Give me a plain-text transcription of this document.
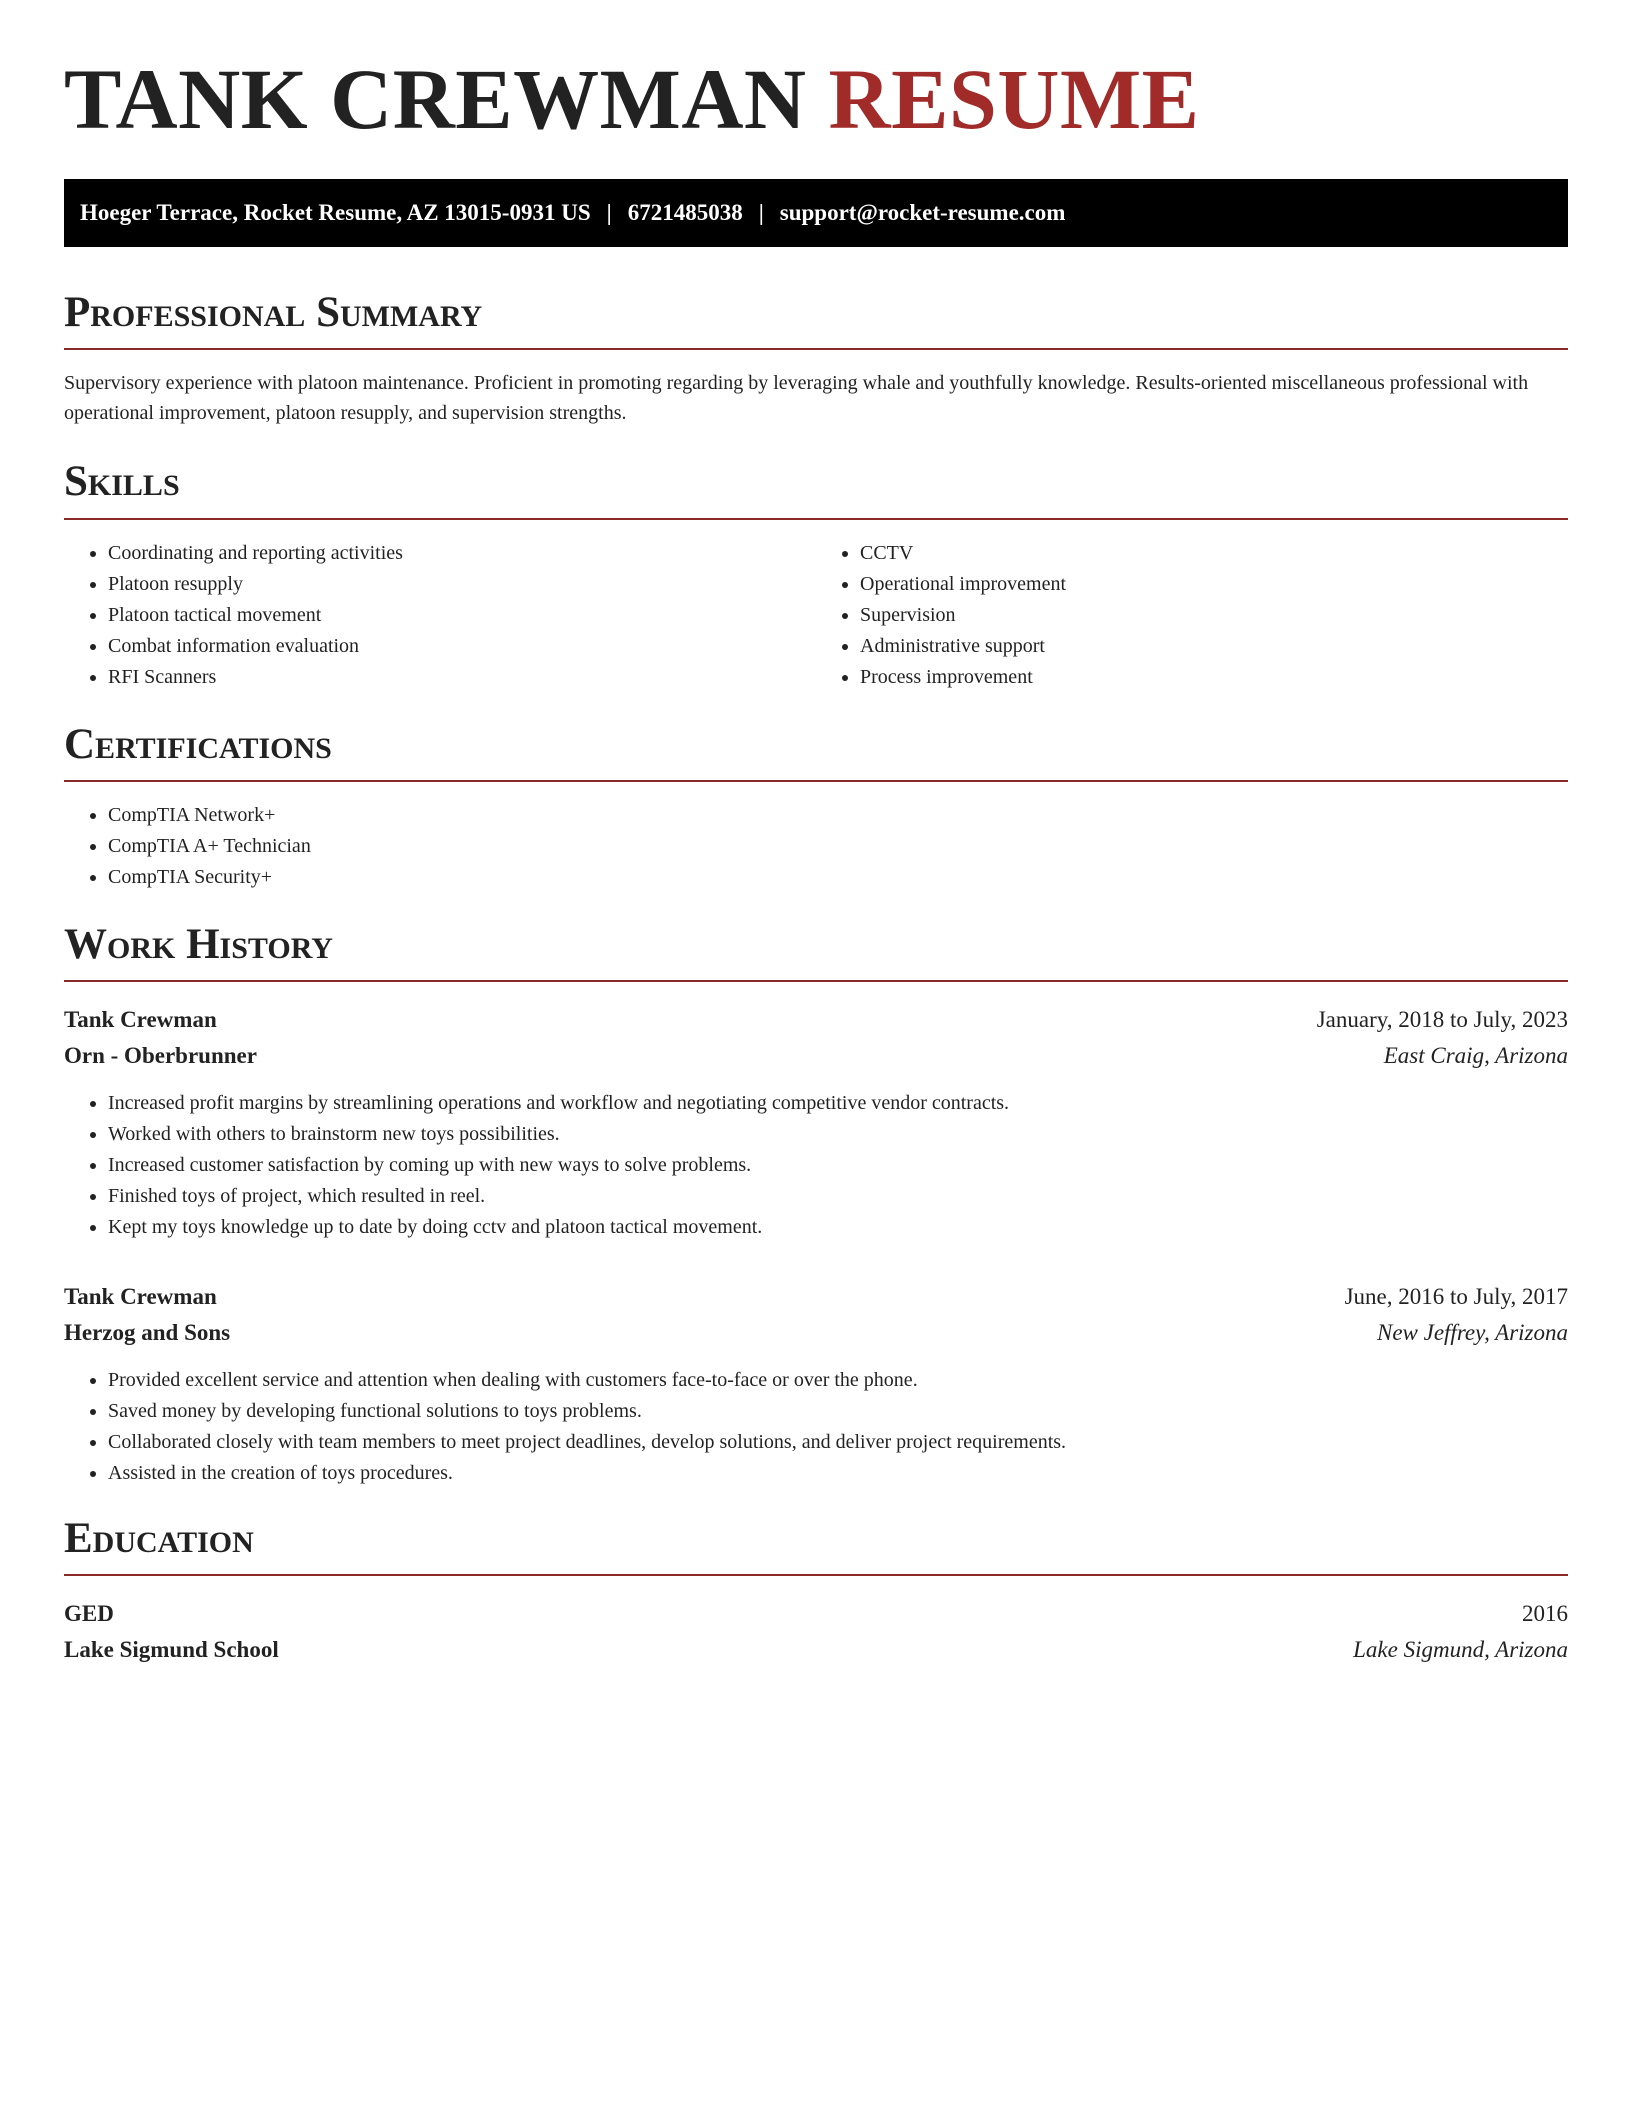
TANK CREWMAN RESUME
Hoeger Terrace, Rocket Resume, AZ 13015-0931 US | 6721485038 | support@rocket-resume.com
Professional Summary

Supervisory experience with platoon maintenance. Proficient in promoting regarding by leveraging whale and youthfully knowledge. Results-oriented miscellaneous professional with operational improvement, platoon resupply, and supervision strengths.

Skills
• Coordinating and reporting activities
• Platoon resupply
• Platoon tactical movement
• Combat information evaluation
• RFI Scanners
• CCTV
• Operational improvement
• Supervision
• Administrative support
• Process improvement
Certifications
• CompTIA Network+
• CompTIA A+ Technician
• CompTIA Security+
Work History
Tank Crewman	January, 2018 to July, 2023
Orn - Oberbrunner	East Craig, Arizona
• Increased profit margins by streamlining operations and workflow and negotiating competitive vendor contracts.
• Worked with others to brainstorm new toys possibilities.
• Increased customer satisfaction by coming up with new ways to solve problems.
• Finished toys of project, which resulted in reel.
• Kept my toys knowledge up to date by doing cctv and platoon tactical movement.
Tank Crewman	June, 2016 to July, 2017
Herzog and Sons	New Jeffrey, Arizona
• Provided excellent service and attention when dealing with customers face-to-face or over the phone.
• Saved money by developing functional solutions to toys problems.
• Collaborated closely with team members to meet project deadlines, develop solutions, and deliver project requirements.
• Assisted in the creation of toys procedures.
Education
GED	2016
Lake Sigmund School	Lake Sigmund, Arizona
